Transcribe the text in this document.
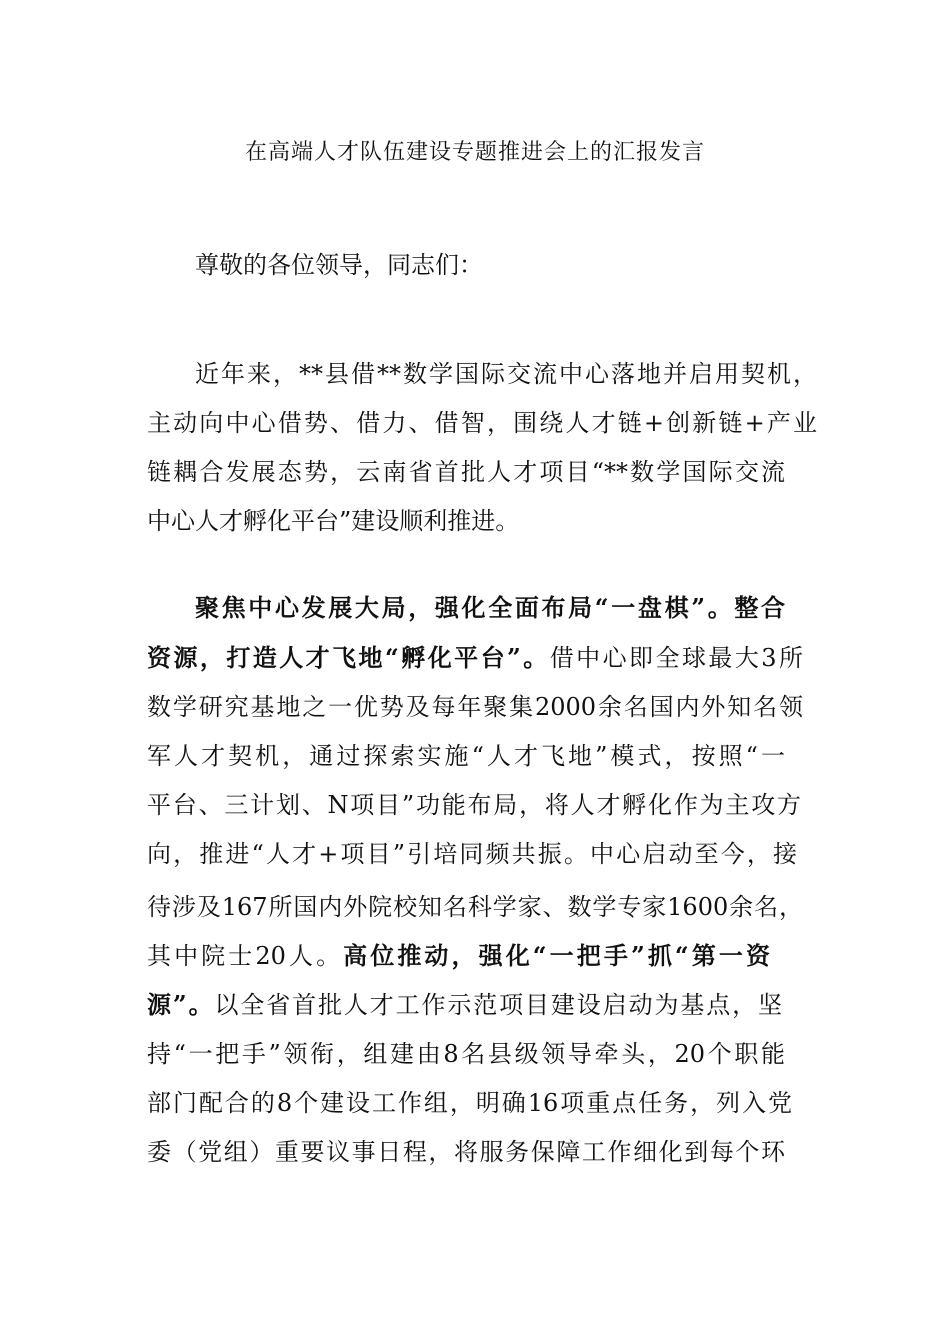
在高端人才队伍建设专题推进会上的汇报发言
尊敬的各位领导，同志们：
近年来，**县借**数学国际交流中心落地并启用契机，
主动向中心借势、借力、借智，围绕人才链+创新链+产业
链耦合发展态势，云南省首批人才项目“**数学国际交流
中心人才孵化平台”建设顺利推进。
聚焦中心发展大局，强化全面布局“一盘棋”。整合
资源，打造人才飞地“孵化平台”。借中心即全球最大3所
数学研究基地之一优势及每年聚集2000余名国内外知名领
军人才契机，通过探索实施“人才飞地”模式，按照“一
平台、三计划、N项目”功能布局，将人才孵化作为主攻方
向，推进“人才+项目”引培同频共振。中心启动至今，接
待涉及167所国内外院校知名科学家、数学专家1600余名，
其中院士20人。高位推动，强化“一把手”抓“第一资
源”。以全省首批人才工作示范项目建设启动为基点，坚
持“一把手”领衔，组建由8名县级领导牵头，20个职能
部门配合的8个建设工作组，明确16项重点任务，列入党
委（党组）重要议事日程，将服务保障工作细化到每个环
